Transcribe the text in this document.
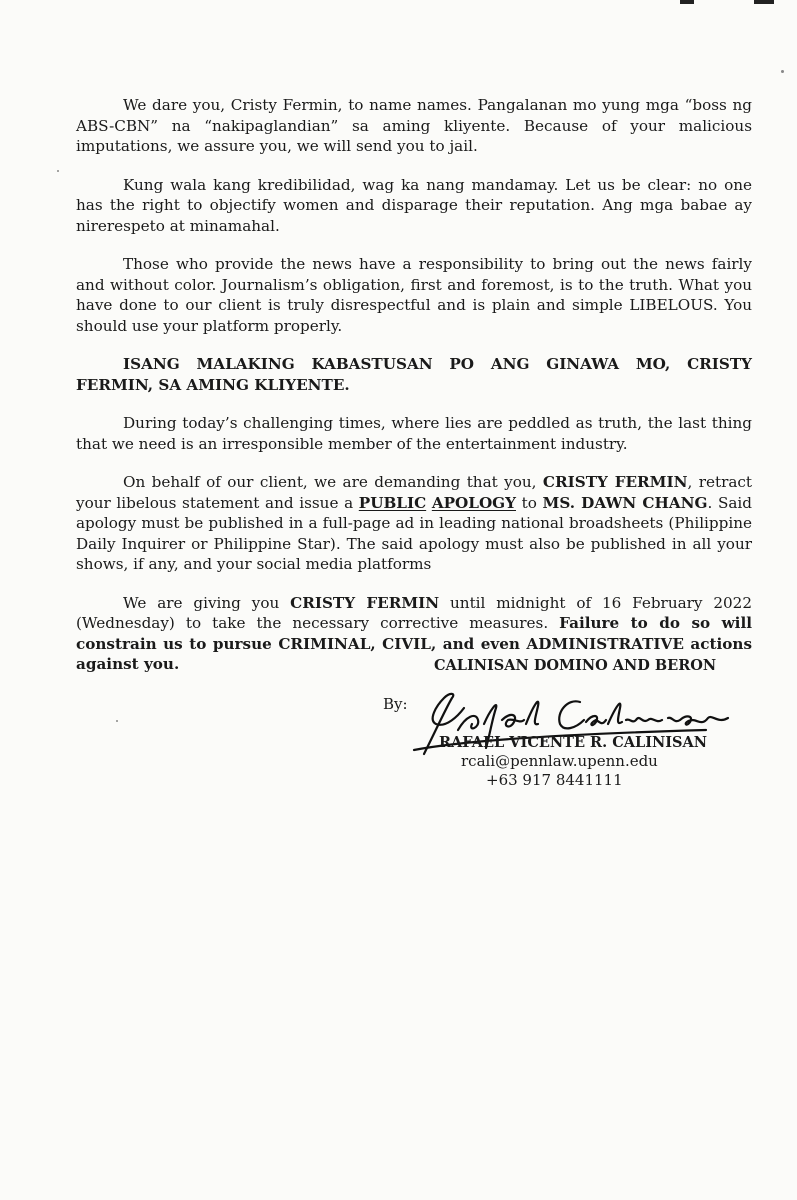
We dare you, Cristy Fermin, to name names. Pangalanan mo yung mga “boss ng ABS-CBN” na “nakipaglandian” sa aming kliyente. Because of your malicious imputations, we assure you, we will send you to jail.

Kung wala kang kredibilidad, wag ka nang mandamay. Let us be clear: no one has the right to objectify women and disparage their reputation. Ang mga babae ay nirerespeto at minamahal.

Those who provide the news have a responsibility to bring out the news fairly and without color. Journalism’s obligation, first and foremost, is to the truth. What you have done to our client is truly disrespectful and is plain and simple LIBELOUS. You should use your platform properly.

ISANG MALAKING KABASTUSAN PO ANG GINAWA MO, CRISTY FERMIN, SA AMING KLIYENTE.

During today’s challenging times, where lies are peddled as truth, the last thing that we need is an irresponsible member of the entertainment industry.

On behalf of our client, we are demanding that you, CRISTY FERMIN, retract your libelous statement and issue a PUBLIC APOLOGY to MS. DAWN CHANG. Said apology must be published in a full-page ad in leading national broadsheets (Philippine Daily Inquirer or Philippine Star). The said apology must also be published in all your shows, if any, and your social media platforms

We are giving you CRISTY FERMIN until midnight of 16 February 2022 (Wednesday) to take the necessary corrective measures. Failure to do so will constrain us to pursue CRIMINAL, CIVIL, and even ADMINISTRATIVE actions against you.	CALINISAN DOMINO AND BERON
By:
RAFAEL VICENTE R. CALINISAN
rcali@pennlaw.upenn.edu
+63 917 8441111
